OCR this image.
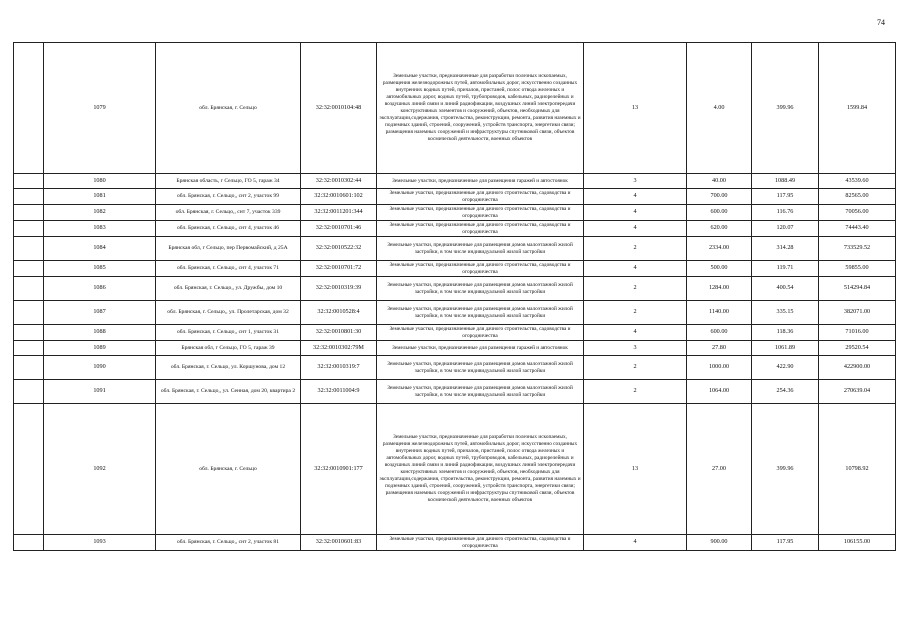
74
	1079	обл. Брянская, г. Сельцо	32:32:0010104:48	Земельные участки, предназначенные для разработки полезных ископаемых, размещения железнодорожных путей, автомобильных дорог, искусственно созданных внутренних водных путей, причалов, пристаней, полос отвода железных и автомобильных дорог, водных путей, трубопроводов, кабельных, радиорелейных и воздушных линий связи и линий радиофикации, воздушных линий электропередачи конструктивных элементов и сооружений, объектов, необходимых для эксплуатации,содержания, строительства, реконструкции, ремонта, развития наземных и подземных зданий, строений, сооружений, устройств транспорта, энергетики связи; размещения наземных сооружений и инфраструктуры спутниковой связи, объектов космической деятельности, военных объектов	13	4.00	399.96	1599.84
	1080	Брянская область, г Сельцо, ГО 5, гараж 34	32:32:0010302:44	Земельные участки, предназначенные для размещения гаражей и автостоянок	3	40.00	1088.49	43539.60
	1081	обл. Брянская, г. Сельцо,, снт 2, участок 99	32:32:0010601:102	Земельные участки, предназначенные для дачного строительства, садоводства и огородничества	4	700.00	117.95	82565.00
	1082	обл. Брянская, г. Сельцо,, снт 7, участок 339	32:32:0011201:344	Земельные участки, предназначенные для дачного строительства, садоводства и огородничества	4	600.00	116.76	70056.00
	1083	обл. Брянская, г. Сельцо,, снт 4, участок 46	32:32:0010701:46	Земельные участки, предназначенные для дачного строительства, садоводства и огородничества	4	620.00	120.07	74443.40
	1084	Брянская обл, г Сельцо, пер Первомайский, д 25А	32:32:0010522:32	Земельные участки, предназначенные для размещения домов малоэтажной жилой застройки, в том числе индивидуальной жилой застройки	2	2334.00	314.28	733529.52
	1085	обл. Брянская, г. Сельцо,, снт 4, участок 71	32:32:0010701:72	Земельные участки, предназначенные для дачного строительства, садоводства и огородничества	4	500.00	119.71	59855.00
	1086	обл. Брянская, г. Сельцо,, ул. Дружбы, дом 10	32:32:0010319:39	Земельные участки, предназначенные для размещения домов малоэтажной жилой застройки, в том числе индивидуальной жилой застройки	2	1284.00	400.54	514294.84
	1087	обл. Брянская, г. Сельцо,, ул. Пролетарская, дом 32	32:32:0010528:4	Земельные участки, предназначенные для размещения домов малоэтажной жилой застройки, в том числе индивидуальной жилой застройки	2	1140.00	335.15	382071.00
	1088	обл. Брянская, г. Сельцо,, снт 1, участок 31	32:32:0010801:30	Земельные участки, предназначенные для дачного строительства, садоводства и огородничества	4	600.00	118.36	71016.00
	1089	Брянская обл, г Сельцо, ГО 5, гараж 39	32:32:0010302:79М	Земельные участки, предназначенные для размещения гаражей и автостоянок	3	27.80	1061.89	29520.54
	1090	обл. Брянская, г. Сельцо, ул. Коршунова, дом 12	32:32:0010319:7	Земельные участки, предназначенные для размещения домов малоэтажной жилой застройки, в том числе индивидуальной жилой застройки	2	1000.00	422.90	422900.00
	1091	обл. Брянская, г. Сельцо,, ул. Сенная, дом 20, квартира 2	32:32:0011004:9	Земельные участки, предназначенные для размещения домов малоэтажной жилой застройки, в том числе индивидуальной жилой застройки	2	1064.00	254.36	270639.04
	1092	обл. Брянская, г. Сельцо	32:32:0010901:177	Земельные участки, предназначенные для разработки полезных ископаемых, размещения железнодорожных путей, автомобильных дорог, искусственно созданных внутренних водных путей, причалов, пристаней, полос отвода железных и автомобильных дорог, водных путей, трубопроводов, кабельных, радиорелейных и воздушных линий связи и линий радиофикации, воздушных линий электропередачи конструктивных элементов и сооружений, объектов, необходимых для эксплуатации,содержания, строительства, реконструкции, ремонта, развития наземных и подземных зданий, строений, сооружений, устройств транспорта, энергетики связи; размещения наземных сооружений и инфраструктуры спутниковой связи, объектов космической деятельности, военных объектов	13	27.00	399.96	10798.92
	1093	обл. Брянская, г. Сельцо,, снт 2, участок 81	32:32:0010601:83	Земельные участки, предназначенные для дачного строительства, садоводства и огородничества	4	900.00	117.95	106155.00
